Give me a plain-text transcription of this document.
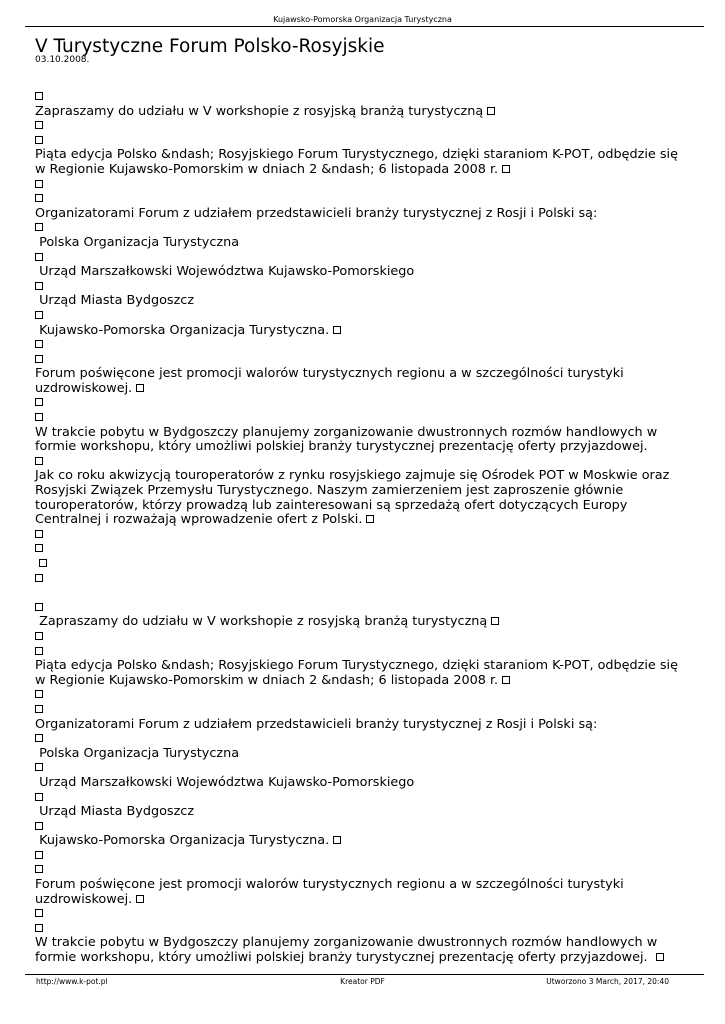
Kujawsko-Pomorska Organizacja Turystyczna
V Turystyczne Forum Polsko-Rosyjskie
03.10.2008.
Zapraszamy do udziału w V workshopie z rosyjską branżą turystyczną
Piąta edycja Polsko &ndash; Rosyjskiego Forum Turystycznego, dzięki staraniom K-POT, odbędzie się w Regionie Kujawsko-Pomorskim w dniach 2 &ndash; 6 listopada 2008 r.
Organizatorami Forum z udziałem przedstawicieli branży turystycznej z Rosji i Polski są:
Polska Organizacja Turystyczna
Urząd Marszałkowski Województwa Kujawsko-Pomorskiego
Urząd Miasta Bydgoszcz
Kujawsko-Pomorska Organizacja Turystyczna.
Forum poświęcone jest promocji walorów turystycznych regionu a w szczególności turystyki uzdrowiskowej.
W trakcie pobytu w Bydgoszczy planujemy zorganizowanie dwustronnych rozmów handlowych w formie workshopu, który umożliwi polskiej branży turystycznej prezentację oferty przyjazdowej.
Jak co roku akwizycją touroperatorów z rynku rosyjskiego zajmuje się Ośrodek POT w Moskwie oraz Rosyjski Związek Przemysłu Turystycznego. Naszym zamierzeniem jest zaproszenie głównie touroperatorów, którzy prowadzą lub zainteresowani są sprzedażą ofert dotyczących Europy Centralnej i rozważają wprowadzenie ofert z Polski.

Zapraszamy do udziału w V workshopie z rosyjską branżą turystyczną
Piąta edycja Polsko &ndash; Rosyjskiego Forum Turystycznego, dzięki staraniom K-POT, odbędzie się w Regionie Kujawsko-Pomorskim w dniach 2 &ndash; 6 listopada 2008 r.
Organizatorami Forum z udziałem przedstawicieli branży turystycznej z Rosji i Polski są:
Polska Organizacja Turystyczna
Urząd Marszałkowski Województwa Kujawsko-Pomorskiego
Urząd Miasta Bydgoszcz
Kujawsko-Pomorska Organizacja Turystyczna.
Forum poświęcone jest promocji walorów turystycznych regionu a w szczególności turystyki uzdrowiskowej.
W trakcie pobytu w Bydgoszczy planujemy zorganizowanie dwustronnych rozmów handlowych w formie workshopu, który umożliwi polskiej branży turystycznej prezentację oferty przyjazdowej.
http://www.k-pot.pl	Kreator PDF	Utworzono 3 March, 2017, 20:40
